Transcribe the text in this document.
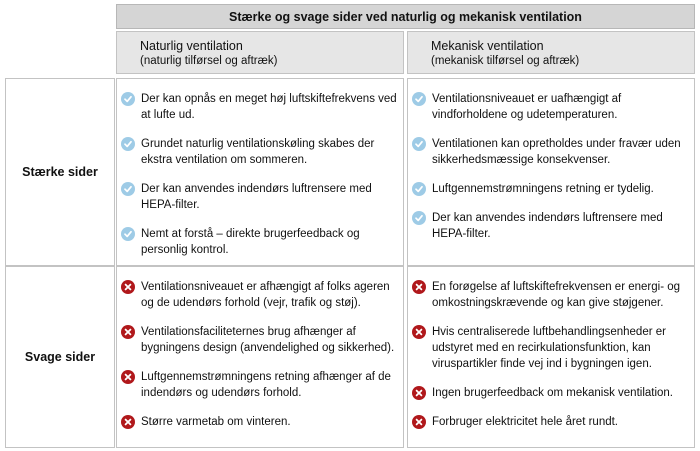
Stærke og svage sider ved naturlig og mekanisk ventilation
Naturlig ventilation
(naturlig tilførsel og aftræk)
Mekanisk ventilation
(mekanisk tilførsel og aftræk)
Stærke sider
Svage sider
Der kan opnås en meget høj luftskiftefrekvens ved at lufte ud.
Grundet naturlig ventilationskøling skabes der ekstra ventilation om sommeren.
Der kan anvendes indendørs luftrensere med HEPA-filter.
Nemt at forstå – direkte brugerfeedback og personlig kontrol.
Ventilationsniveauet er uafhængigt af vindforholdene og udetemperaturen.
Ventilationen kan opretholdes under fravær uden sikkerhedsmæssige konsekvenser.
Luftgennemstrømningens retning er tydelig.
Der kan anvendes indendørs luftrensere med HEPA-filter.
Ventilationsniveauet er afhængigt af folks ageren og de udendørs forhold (vejr, trafik og støj).
Ventilationsfaciliteternes brug afhænger af bygningens design (anvendelighed og sikkerhed).
Luftgennemstrømningens retning afhænger af de indendørs og udendørs forhold.
Større varmetab om vinteren.
En forøgelse af luftskiftefrekvensen er energi- og omkostningskrævende og kan give støjgener.
Hvis centraliserede luftbehandlingsenheder er udstyret med en recirkulationsfunktion, kan viruspartikler finde vej ind i bygningen igen.
Ingen brugerfeedback om mekanisk ventilation.
Forbruger elektricitet hele året rundt.
